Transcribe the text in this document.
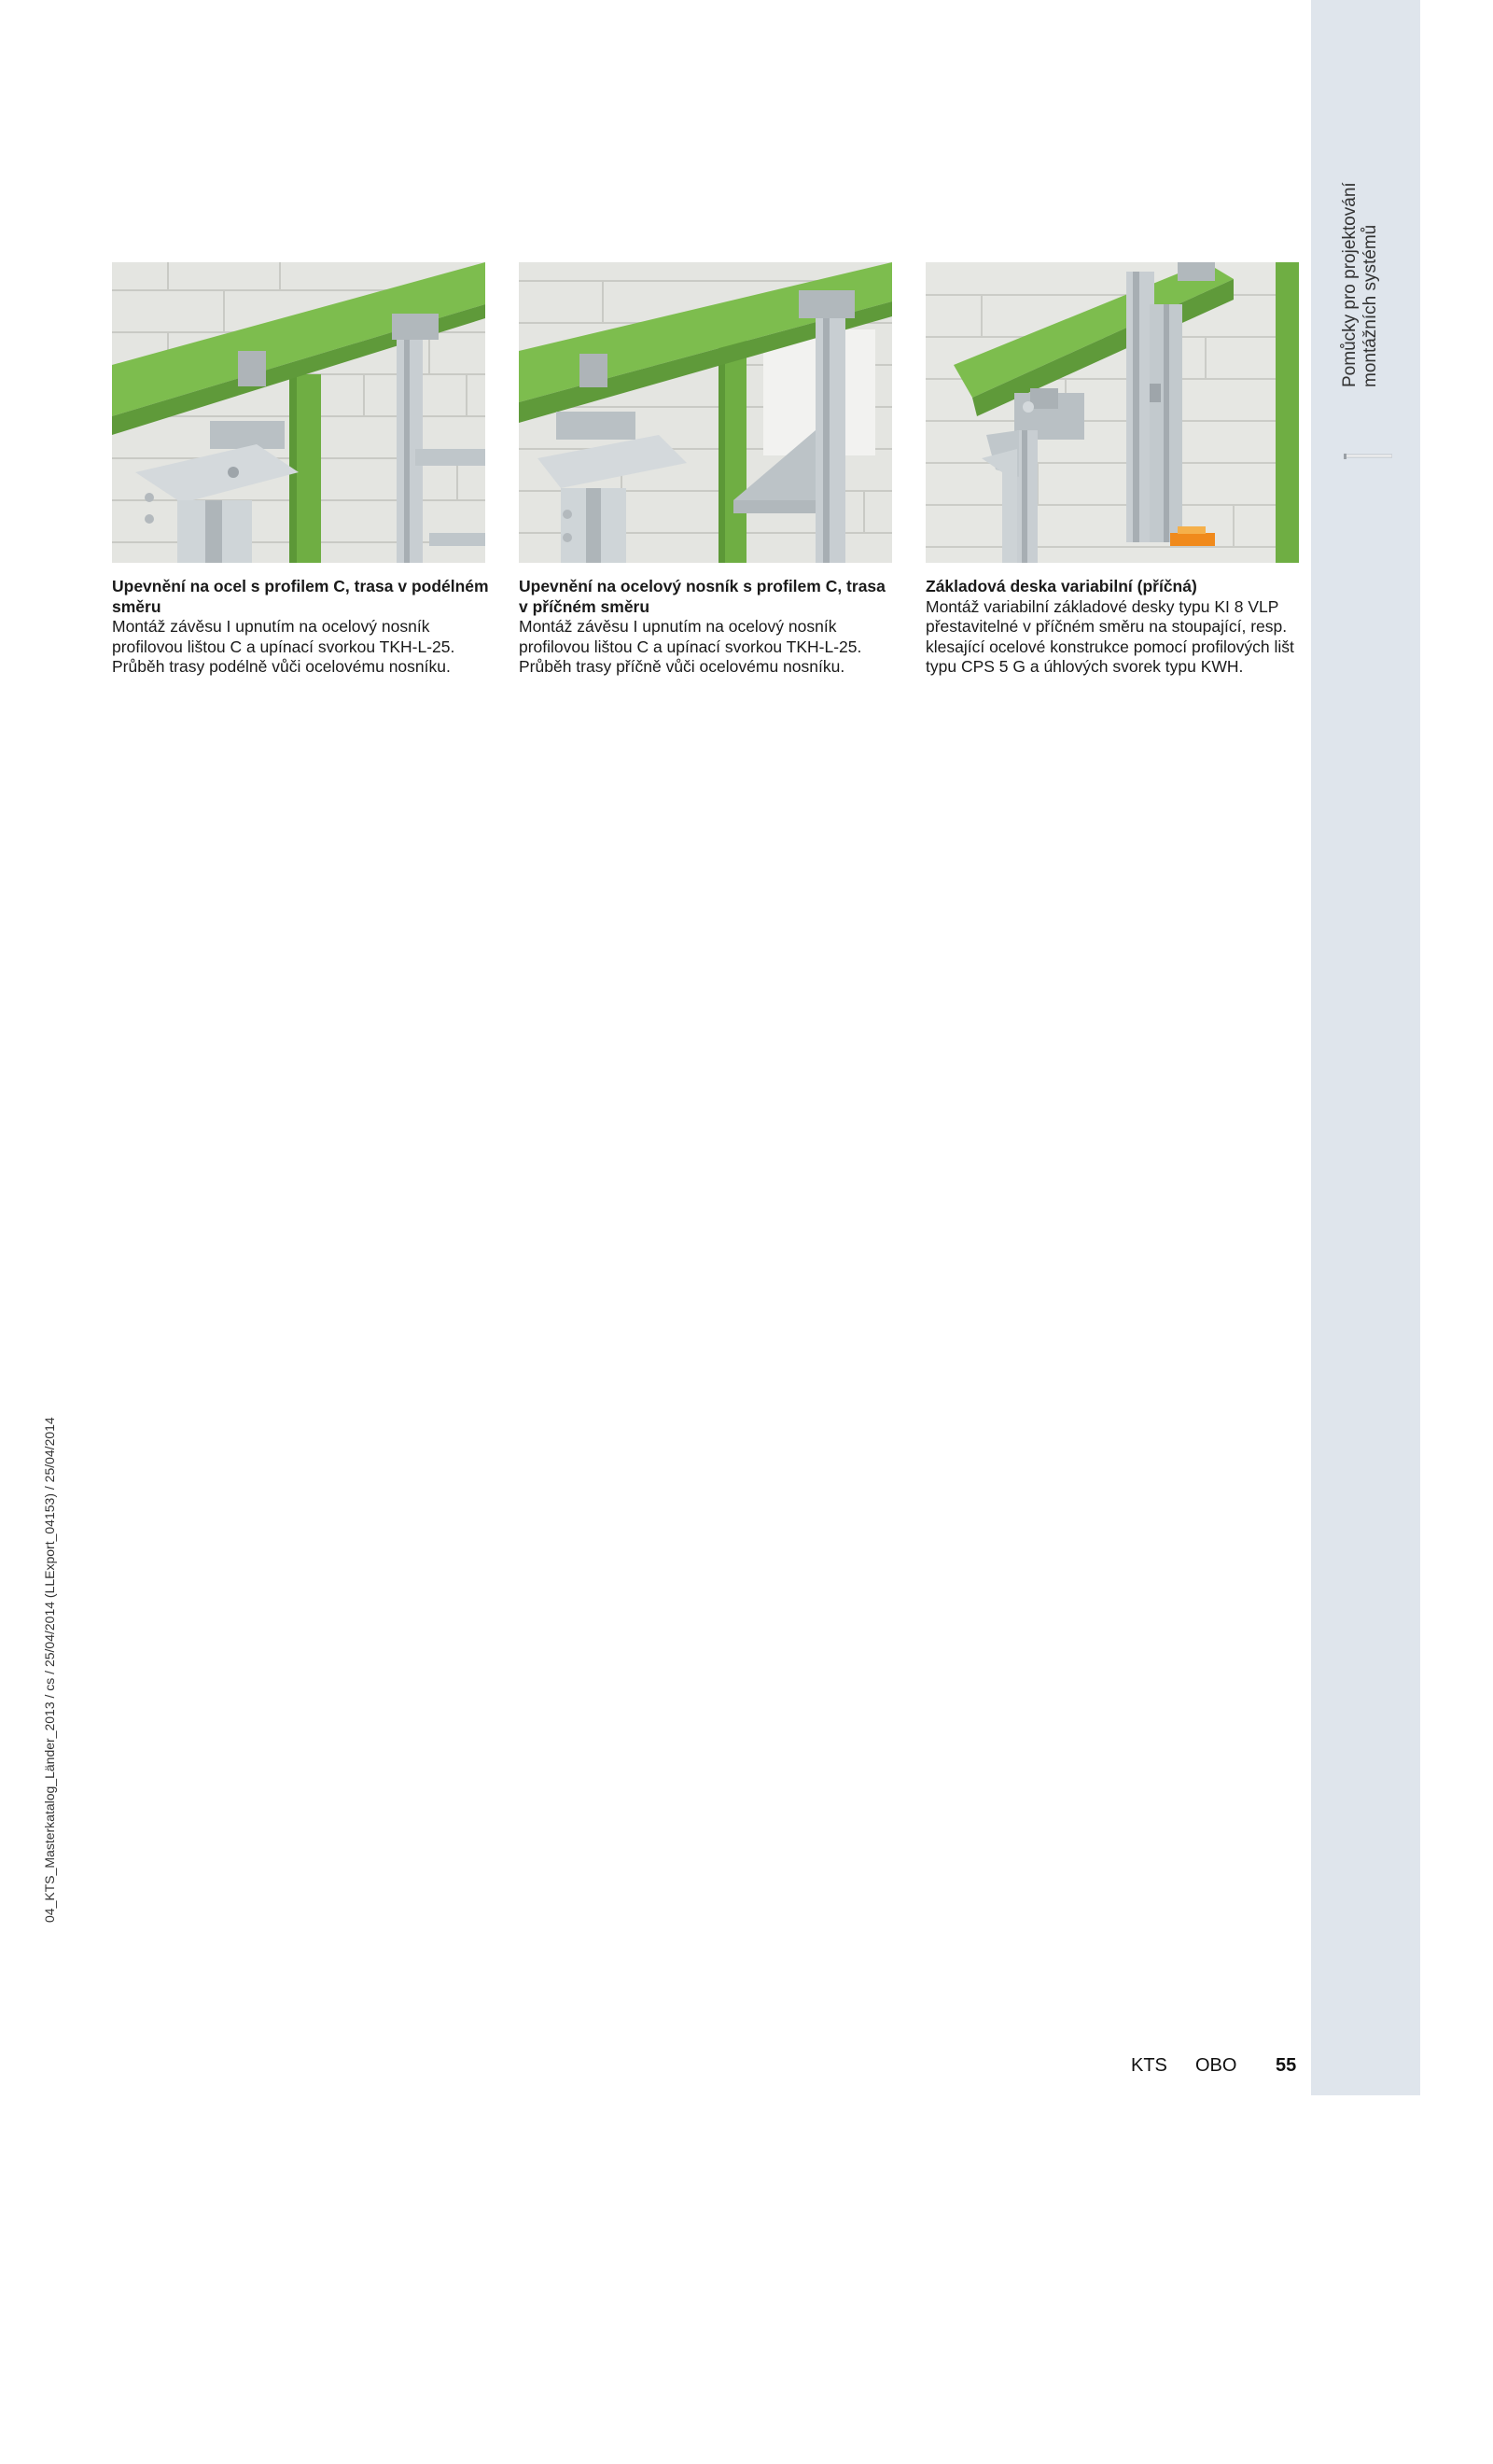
Pomůcky pro projektování montážních systémů
Upevnění na ocel s profilem C, trasa v podélném směru
Montáž závěsu I upnutím na ocelový nosník profilovou lištou C a upínací svorkou TKH-L-25. Průběh trasy podélně vůči ocelovému nosníku.
Upevnění na ocelový nosník s profilem C, trasa v příčném směru
Montáž závěsu I upnutím na ocelový nosník profilovou lištou C a upínací svorkou TKH-L-25. Průběh trasy příčně vůči ocelovému nosníku.
Základová deska variabilní (příčná)
Montáž variabilní základové desky typu KI 8 VLP přestavitelné v příčném směru na stoupající, resp. klesající ocelové konstrukce pomocí profilových lišt typu CPS 5 G a úhlových svorek typu KWH.
04_KTS_Masterkatalog_Länder_2013 / cs / 25/04/2014 (LLExport_04153) / 25/04/2014
KTS OBO 55
